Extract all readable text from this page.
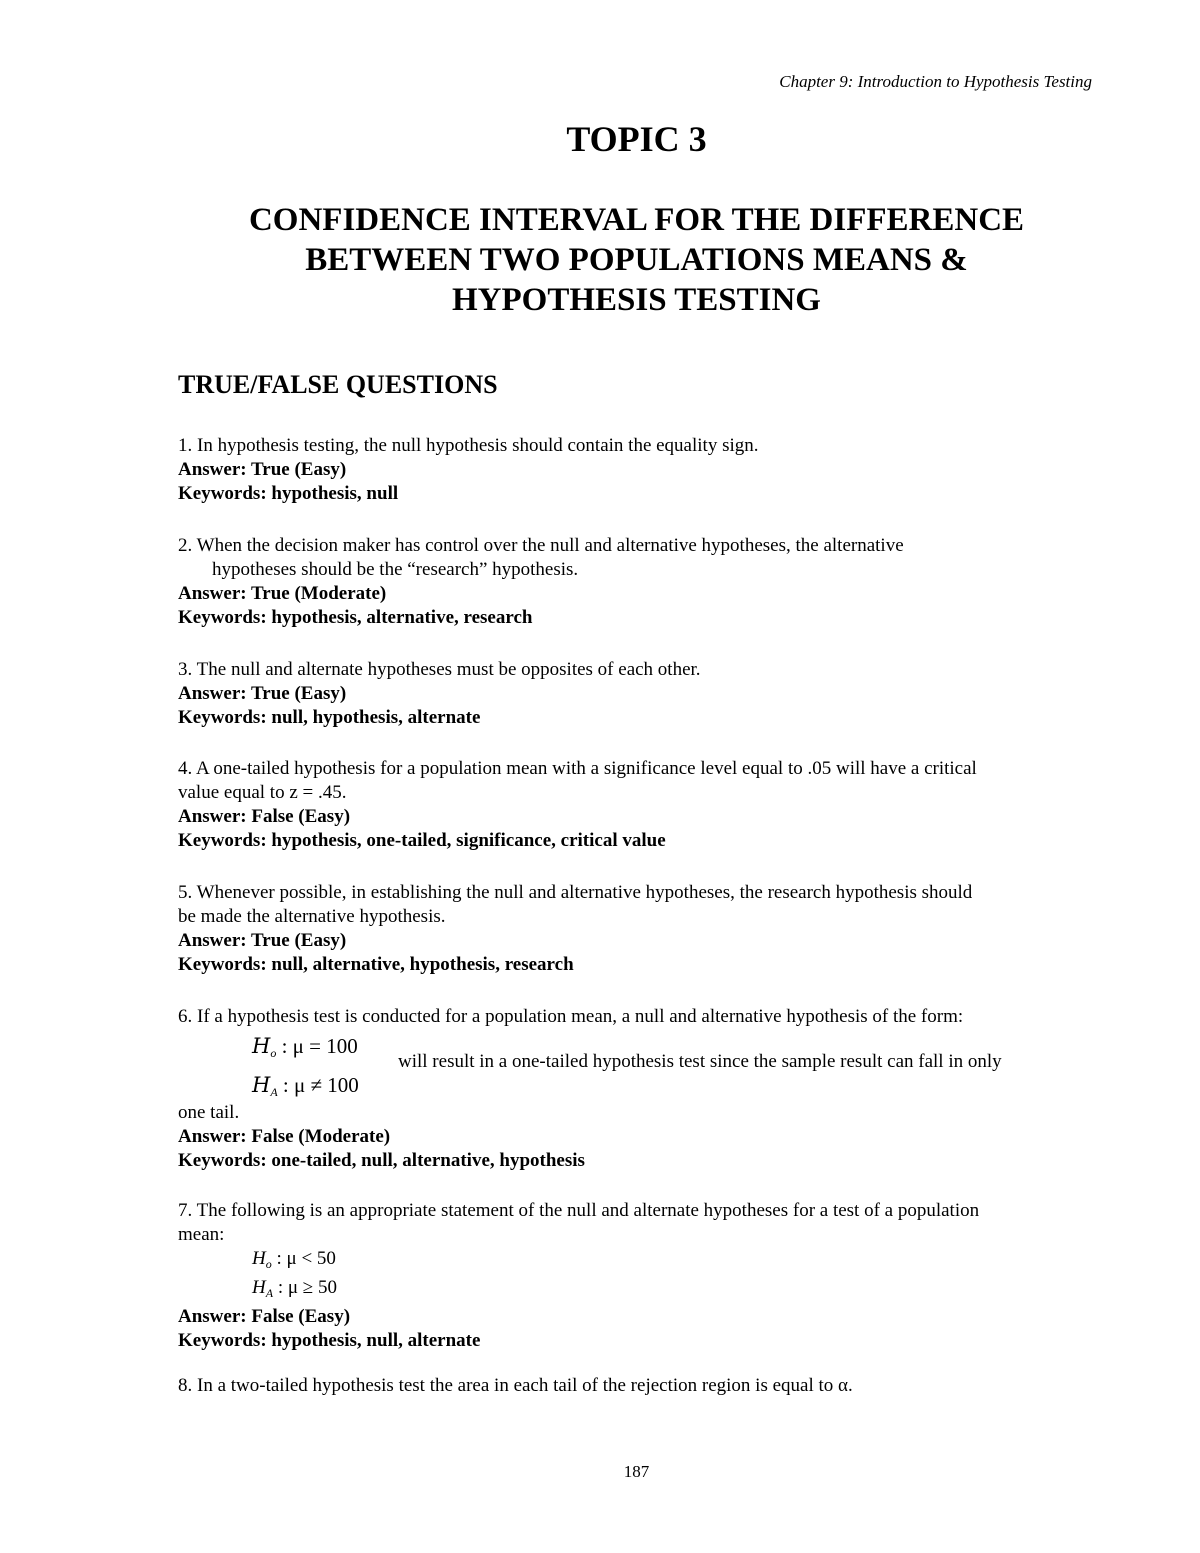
Chapter 9: Introduction to Hypothesis Testing
TOPIC 3
CONFIDENCE INTERVAL FOR THE DIFFERENCE
BETWEEN TWO POPULATIONS MEANS &
HYPOTHESIS TESTING
TRUE/FALSE QUESTIONS
1. In hypothesis testing, the null hypothesis should contain the equality sign.
Answer: True (Easy)
Keywords: hypothesis, null
2. When the decision maker has control over the null and alternative hypotheses, the alternative
hypotheses should be the “research” hypothesis.
Answer: True (Moderate)
Keywords: hypothesis, alternative, research
3. The null and alternate hypotheses must be opposites of each other.
Answer: True (Easy)
Keywords: null, hypothesis, alternate
4. A one-tailed hypothesis for a population mean with a significance level equal to .05 will have a critical
value equal to z = .45.
Answer: False (Easy)
Keywords: hypothesis, one-tailed, significance, critical value
5. Whenever possible, in establishing the null and alternative hypotheses, the research hypothesis should
be made the alternative hypothesis.
Answer: True (Easy)
Keywords: null, alternative, hypothesis, research
6. If a hypothesis test is conducted for a population mean, a null and alternative hypothesis of the form:
$H_o$ : μ = 100
$H_A$ : μ ≠ 100
will result in a one-tailed hypothesis test since the sample result can fall in only
one tail.
Answer: False (Moderate)
Keywords: one-tailed, null, alternative, hypothesis
7. The following is an appropriate statement of the null and alternate hypotheses for a test of a population
mean:
$H_o$ : μ < 50
$H_A$ : μ ≥ 50
Answer: False (Easy)
Keywords: hypothesis, null, alternate
8. In a two-tailed hypothesis test the area in each tail of the rejection region is equal to α.
187
